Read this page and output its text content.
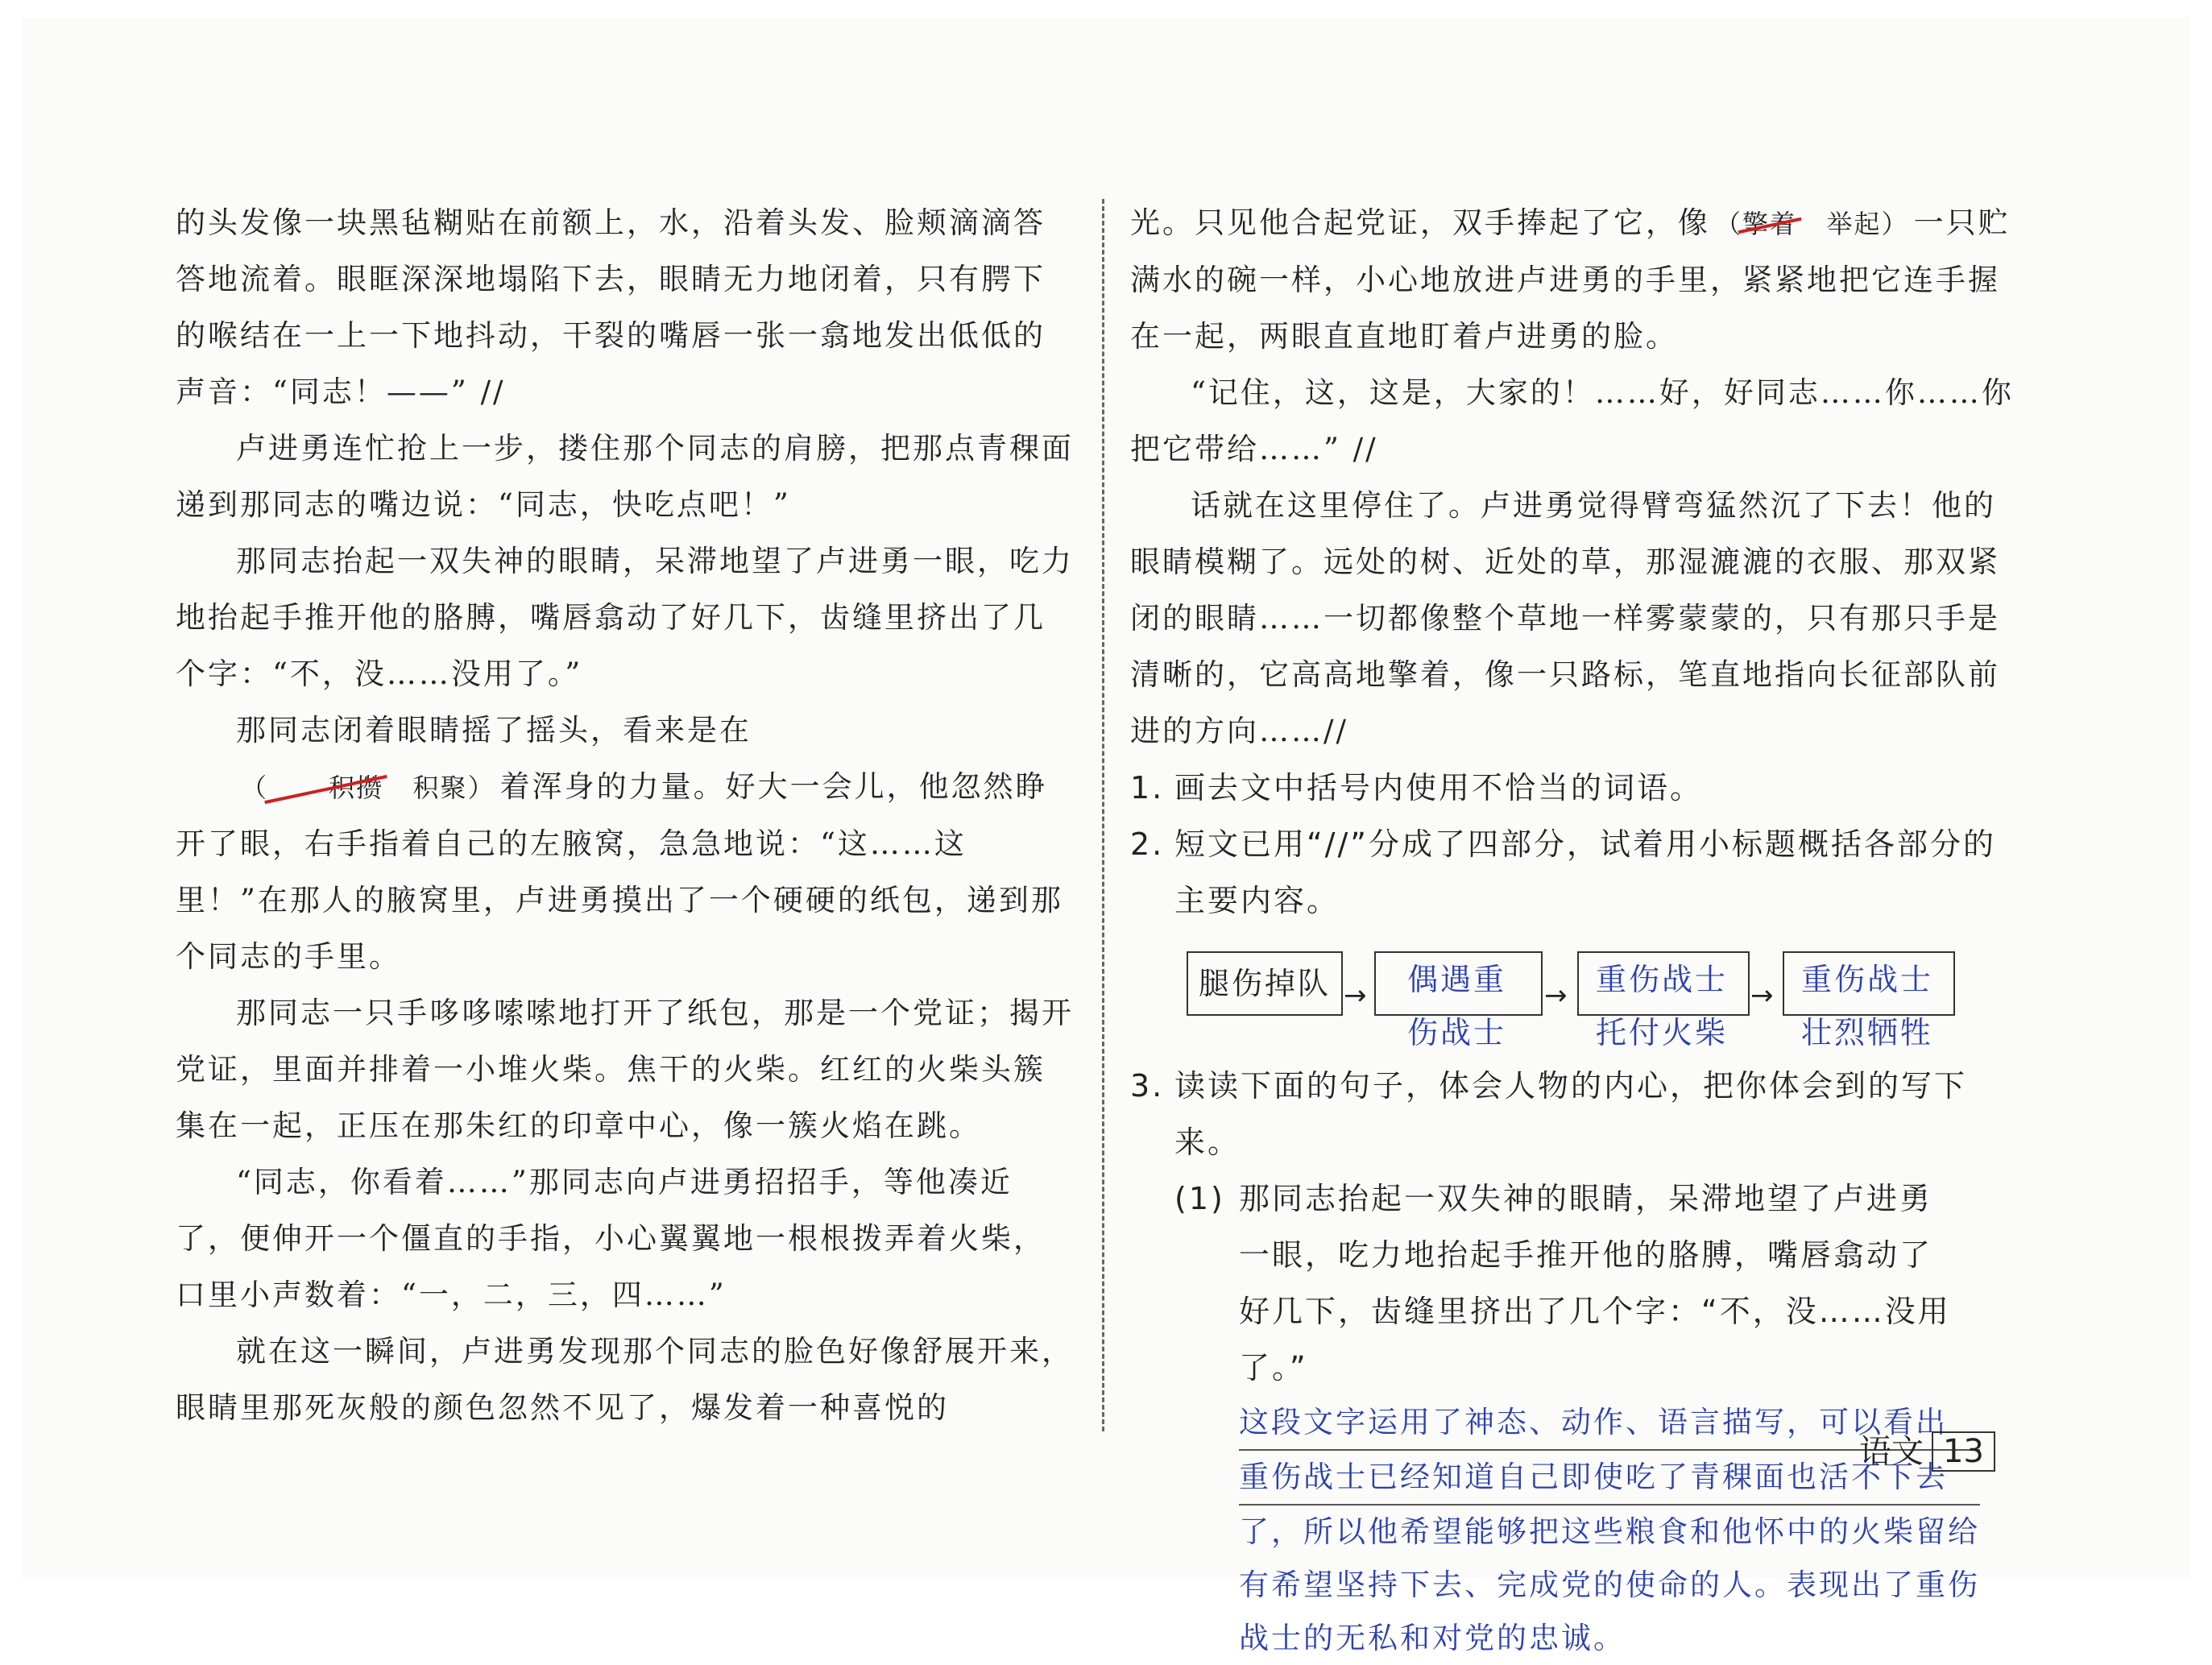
的头发像一块黑毡糊贴在前额上，水，沿着头发、脸颊滴滴答答地流着。眼眶深深地塌陷下去，眼睛无力地闭着，只有腭下的喉结在一上一下地抖动，干裂的嘴唇一张一翕地发出低低的声音：“同志！——” //

卢进勇连忙抢上一步，搂住那个同志的肩膀，把那点青稞面递到那同志的嘴边说：“同志，快吃点吧！”

那同志抬起一双失神的眼睛，呆滞地望了卢进勇一眼，吃力地抬起手推开他的胳膊，嘴唇翕动了好几下，齿缝里挤出了几个字：“不，没……没用了。”

那同志闭着眼睛摇了摇头，看来是在（ 积攒 积聚） 着浑身的力量。好大一会儿，他忽然睁开了眼，右手指着自己的左腋窝，急急地说：“这……这里！”在那人的腋窝里，卢进勇摸出了一个硬硬的纸包，递到那个同志的手里。

那同志一只手哆哆嗦嗦地打开了纸包，那是一个党证；揭开党证，里面并排着一小堆火柴。焦干的火柴。红红的火柴头簇集在一起，正压在那朱红的印章中心，像一簇火焰在跳。

“同志，你看着……”那同志向卢进勇招招手，等他凑近了，便伸开一个僵直的手指，小心翼翼地一根根拨弄着火柴，口里小声数着：“一，二，三，四……”

就在这一瞬间，卢进勇发现那个同志的脸色好像舒展开来，眼睛里那死灰般的颜色忽然不见了，爆发着一种喜悦的

光。只见他合起党证，双手捧起了它，像 （擎着 举起） 一只贮满水的碗一样，小心地放进卢进勇的手里，紧紧地把它连手握在一起，两眼直直地盯着卢进勇的脸。

“记住，这，这是，大家的！……好，好同志……你……你把它带给……” //

话就在这里停住了。卢进勇觉得臂弯猛然沉了下去！他的眼睛模糊了。远处的树、近处的草，那湿漉漉的衣服、那双紧闭的眼睛……一切都像整个草地一样雾蒙蒙的，只有那只手是清晰的，它高高地擎着，像一只路标，笔直地指向长征部队前进的方向……//

1. 画去文中括号内使用不恰当的词语。
2. 短文已用“//”分成了四部分，试着用小标题概括各部分的主要内容。
腿伤掉队 →	偶遇重
伤战士
→ 重伤战士
托付火柴
→ 重伤战士
壮烈牺牲
3. 读读下面的句子，体会人物的内心，把你体会到的写下来。
(1) 那同志抬起一双失神的眼睛，呆滞地望了卢进勇一眼，吃力地抬起手推开他的胳膊，嘴唇翕动了好几下，齿缝里挤出了几个字：“不，没……没用了。”
这段文字运用了神态、动作、语言描写，可以看出
重伤战士已经知道自己即使吃了青稞面也活不下去
了，所以他希望能够把这些粮食和他怀中的火柴留给
有希望坚持下去、完成党的使命的人。表现出了重伤
战士的无私和对党的忠诚。
语文 13
